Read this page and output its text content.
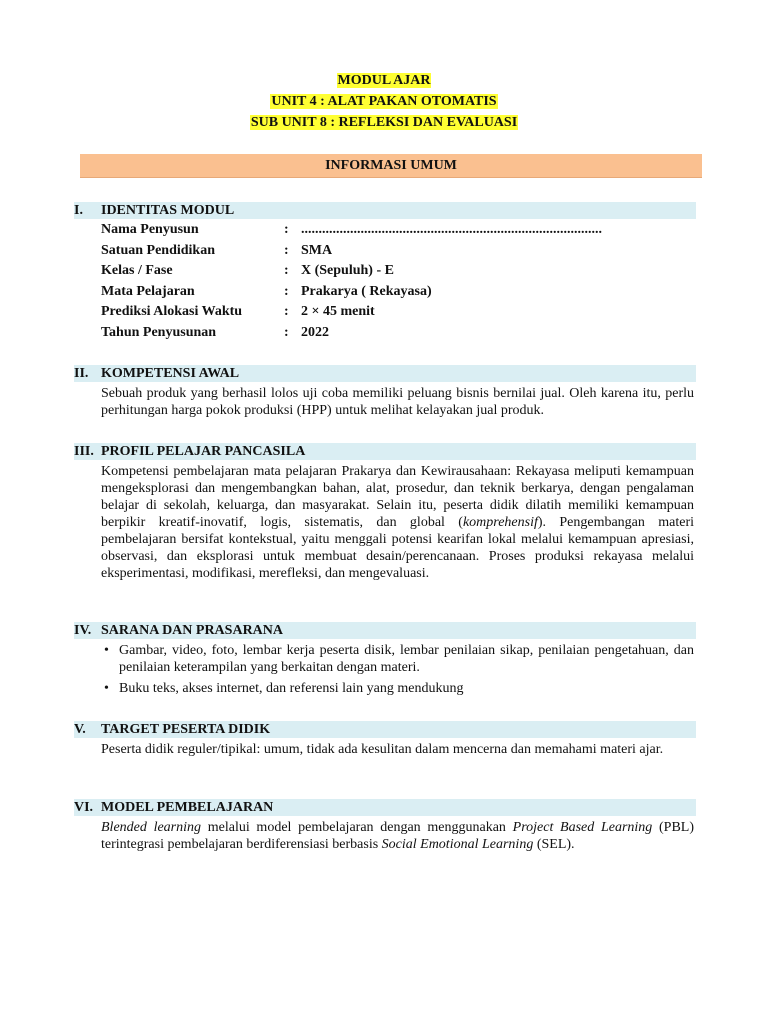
MODUL AJAR
UNIT 4 : ALAT PAKAN OTOMATIS
SUB UNIT 8 : REFLEKSI DAN EVALUASI
INFORMASI UMUM
I.	IDENTITAS MODUL
Nama Penyusun	: ......................................................................................
Satuan Pendidikan	: SMA
Kelas / Fase	: X (Sepuluh) - E
Mata Pelajaran	: Prakarya ( Rekayasa)
Prediksi Alokasi Waktu	: 2 × 45 menit
Tahun Penyusunan	: 2022
II. KOMPETENSI AWAL

Sebuah produk yang berhasil lolos uji coba memiliki peluang bisnis bernilai jual. Oleh karena itu, perlu perhitungan harga pokok produksi (HPP) untuk melihat kelayakan jual produk.

III. PROFIL PELAJAR PANCASILA

Kompetensi pembelajaran mata pelajaran Prakarya dan Kewirausahaan: Rekayasa meliputi kemampuan mengeksplorasi dan mengembangkan bahan, alat, prosedur, dan teknik berkarya, dengan pengalaman belajar di sekolah, keluarga, dan masyarakat. Selain itu, peserta didik dilatih memiliki kemampuan berpikir kreatif-inovatif, logis, sistematis, dan global (komprehensif). Pengembangan materi pembelajaran bersifat kontekstual, yaitu menggali potensi kearifan lokal melalui kemampuan apresiasi, observasi, dan eksplorasi untuk membuat desain/perencanaan. Proses produksi rekayasa melalui eksperimentasi, modifikasi, merefleksi, dan mengevaluasi.

IV. SARANA DAN PRASARANA
• Gambar, video, foto, lembar kerja peserta disik, lembar penilaian sikap, penilaian pengetahuan, dan penilaian keterampilan yang berkaitan dengan materi.
• Buku teks, akses internet, dan referensi lain yang mendukung
V.	TARGET PESERTA DIDIK

Peserta didik reguler/tipikal: umum, tidak ada kesulitan dalam mencerna dan memahami materi ajar.

VI. MODEL PEMBELAJARAN

Blended learning melalui model pembelajaran dengan menggunakan Project Based Learning (PBL) terintegrasi pembelajaran berdiferensiasi berbasis Social Emotional Learning (SEL).
